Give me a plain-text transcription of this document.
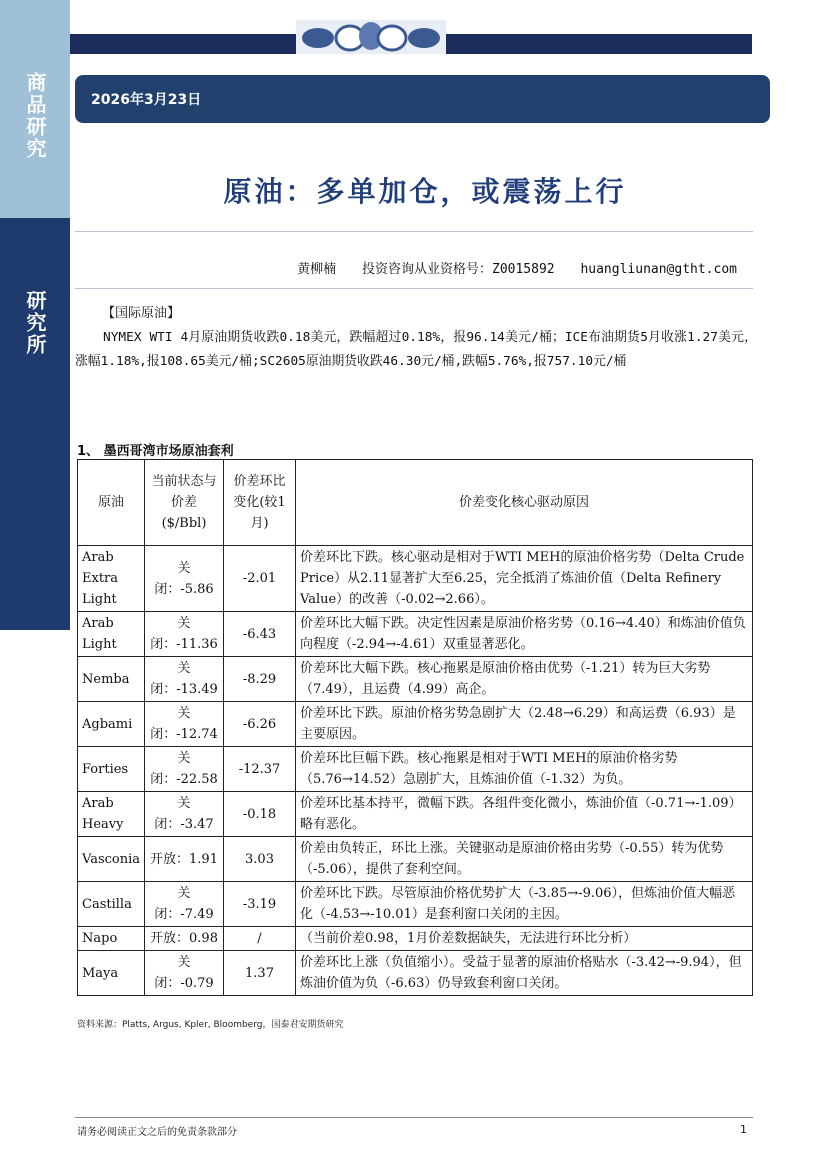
商品研究
研究所
2026年3月23日
原油：多单加仓，或震荡上行
黄柳楠 投资咨询从业资格号：Z0015892 huangliunan@gtht.com
【国际原油】
NYMEX WTI 4月原油期货收跌0.18美元，跌幅超过0.18%，报96.14美元/桶；ICE布油期货5月收涨1.27美元，涨幅1.18%,报108.65美元/桶;SC2605原油期货收跌46.30元/桶,跌幅5.76%,报757.10元/桶
1、 墨西哥湾市场原油套利
原油	当前状态与价差($/Bbl)	价差环比变化(较1月)	价差变化核心驱动原因
Arab Extra Light	关闭：-5.86	-2.01	价差环比下跌。核心驱动是相对于WTI MEH的原油价格劣势（Delta Crude Price）从2.11显著扩大至6.25，完全抵消了炼油价值（Delta Refinery Value）的改善（-0.02→2.66）。
Arab Light	关闭：-11.36	-6.43	价差环比大幅下跌。决定性因素是原油价格劣势（0.16→4.40）和炼油价值负向程度（-2.94→-4.61）双重显著恶化。
Nemba	关闭：-13.49	-8.29	价差环比大幅下跌。核心拖累是原油价格由优势（-1.21）转为巨大劣势（7.49），且运费（4.99）高企。
Agbami	关闭：-12.74	-6.26	价差环比下跌。原油价格劣势急剧扩大（2.48→6.29）和高运费（6.93）是主要原因。
Forties	关闭：-22.58	-12.37	价差环比巨幅下跌。核心拖累是相对于WTI MEH的原油价格劣势（5.76→14.52）急剧扩大，且炼油价值（-1.32）为负。
Arab Heavy	关闭：-3.47	-0.18	价差环比基本持平，微幅下跌。各组件变化微小，炼油价值（-0.71→-1.09）略有恶化。
Vasconia	开放：1.91	3.03	价差由负转正，环比上涨。关键驱动是原油价格由劣势（-0.55）转为优势（-5.06），提供了套利空间。
Castilla	关闭：-7.49	-3.19	价差环比下跌。尽管原油价格优势扩大（-3.85→-9.06），但炼油价值大幅恶化（-4.53→-10.01）是套利窗口关闭的主因。
Napo	开放：0.98	/	（当前价差0.98，1月价差数据缺失，无法进行环比分析）
Maya	关闭：-0.79	1.37	价差环比上涨（负值缩小）。受益于显著的原油价格贴水（-3.42→-9.94），但炼油价值为负（-6.63）仍导致套利窗口关闭。
资料来源：Platts, Argus, Kpler, Bloomberg，国泰君安期货研究
请务必阅读正文之后的免责条款部分	1
